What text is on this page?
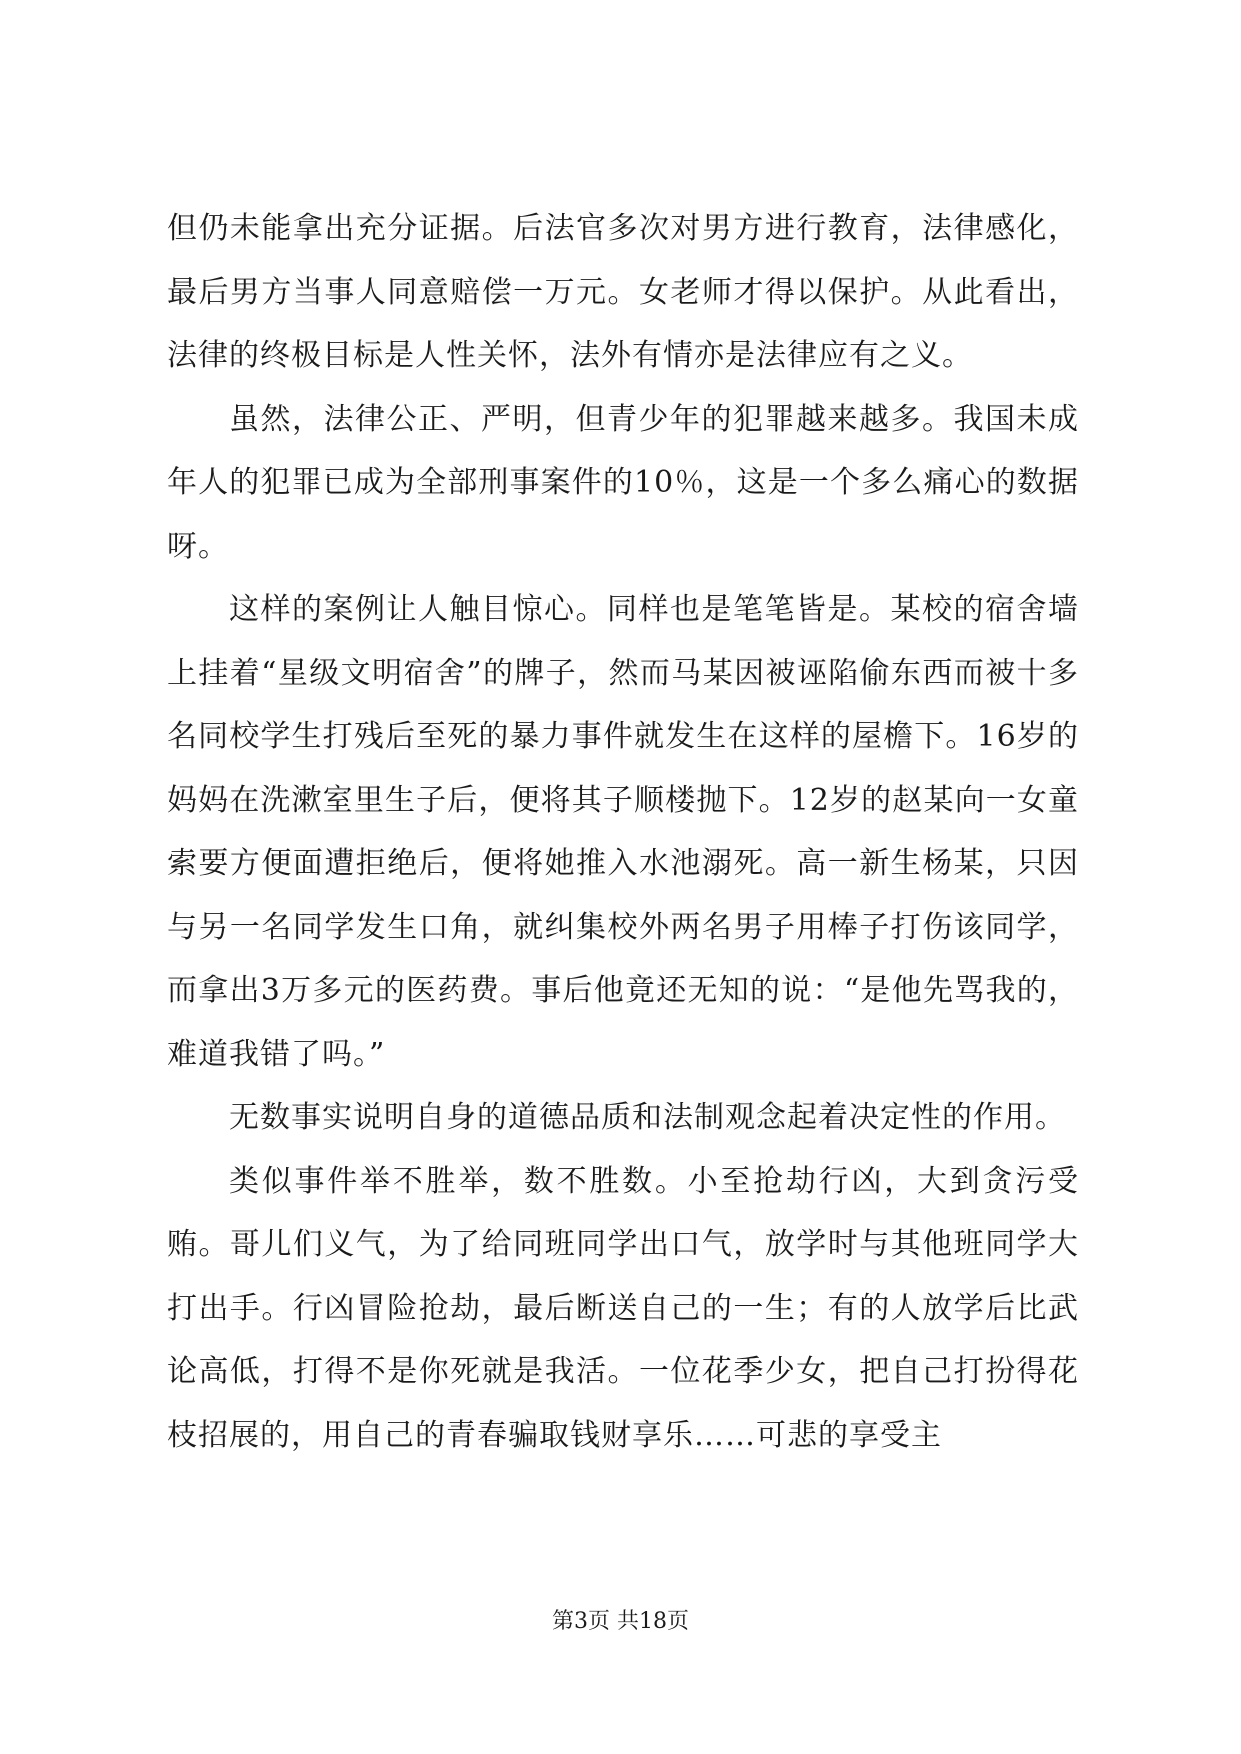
但仍未能拿出充分证据。后法官多次对男方进行教育，法律感化，最后男方当事人同意赔偿一万元。女老师才得以保护。从此看出，法律的终极目标是人性关怀，法外有情亦是法律应有之义。

虽然，法律公正、严明，但青少年的犯罪越来越多。我国未成年人的犯罪已成为全部刑事案件的10％，这是一个多么痛心的数据呀。

这样的案例让人触目惊心。同样也是笔笔皆是。某校的宿舍墙上挂着“星级文明宿舍”的牌子，然而马某因被诬陷偷东西而被十多名同校学生打残后至死的暴力事件就发生在这样的屋檐下。16岁的妈妈在洗漱室里生子后，便将其子顺楼抛下。12岁的赵某向一女童索要方便面遭拒绝后，便将她推入水池溺死。高一新生杨某，只因与另一名同学发生口角，就纠集校外两名男子用棒子打伤该同学，而拿出3万多元的医药费。事后他竟还无知的说：“是他先骂我的，难道我错了吗。”

无数事实说明自身的道德品质和法制观念起着决定性的作用。

类似事件举不胜举，数不胜数。小至抢劫行凶，大到贪污受贿。哥儿们义气，为了给同班同学出口气，放学时与其他班同学大打出手。行凶冒险抢劫，最后断送自己的一生；有的人放学后比武论高低，打得不是你死就是我活。一位花季少女，把自己打扮得花枝招展的，用自己的青春骗取钱财享乐……可悲的享受主

第3页 共18页
